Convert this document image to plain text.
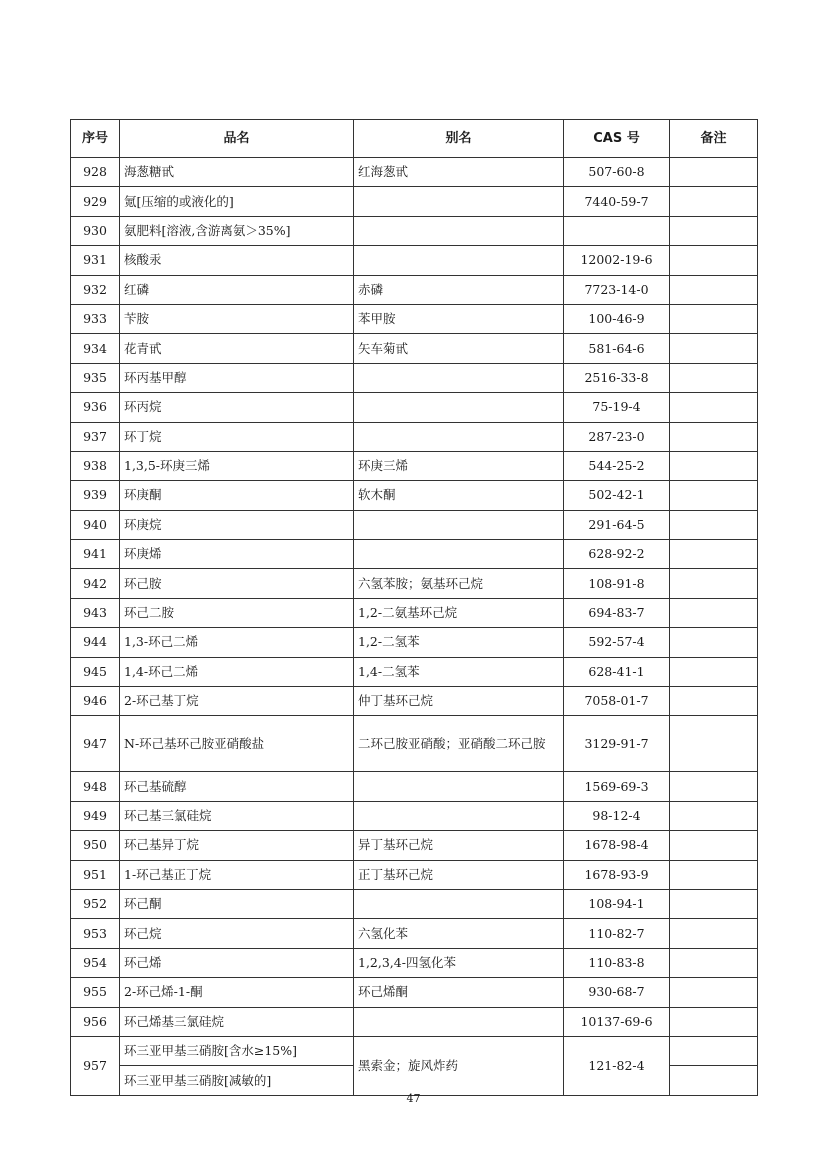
序号	品名	别名	CAS 号	备注
928	海葱糖甙	红海葱甙	507-60-8	
929	氪[压缩的或液化的]		7440-59-7	
930	氨肥料[溶液,含游离氨＞35%]			
931	核酸汞		12002-19-6	
932	红磷	赤磷	7723-14-0	
933	苄胺	苯甲胺	100-46-9	
934	花青甙	矢车菊甙	581-64-6	
935	环丙基甲醇		2516-33-8	
936	环丙烷		75-19-4	
937	环丁烷		287-23-0	
938	1,3,5-环庚三烯	环庚三烯	544-25-2	
939	环庚酮	软木酮	502-42-1	
940	环庚烷		291-64-5	
941	环庚烯		628-92-2	
942	环己胺	六氢苯胺；氨基环己烷	108-91-8	
943	环己二胺	1,2-二氨基环己烷	694-83-7	
944	1,3-环己二烯	1,2-二氢苯	592-57-4	
945	1,4-环己二烯	1,4-二氢苯	628-41-1	
946	2-环己基丁烷	仲丁基环己烷	7058-01-7	
947	N-环己基环己胺亚硝酸盐	二环己胺亚硝酸；亚硝酸二环己胺	3129-91-7	
948	环己基硫醇		1569-69-3	
949	环己基三氯硅烷		98-12-4	
950	环己基异丁烷	异丁基环己烷	1678-98-4	
951	1-环己基正丁烷	正丁基环己烷	1678-93-9	
952	环己酮		108-94-1	
953	环己烷	六氢化苯	110-82-7	
954	环己烯	1,2,3,4-四氢化苯	110-83-8	
955	2-环己烯-1-酮	环己烯酮	930-68-7	
956	环己烯基三氯硅烷		10137-69-6	
957	环三亚甲基三硝胺[含水≥15%]	黑索金；旋风炸药	121-82-4	
	环三亚甲基三硝胺[减敏的]			
47
